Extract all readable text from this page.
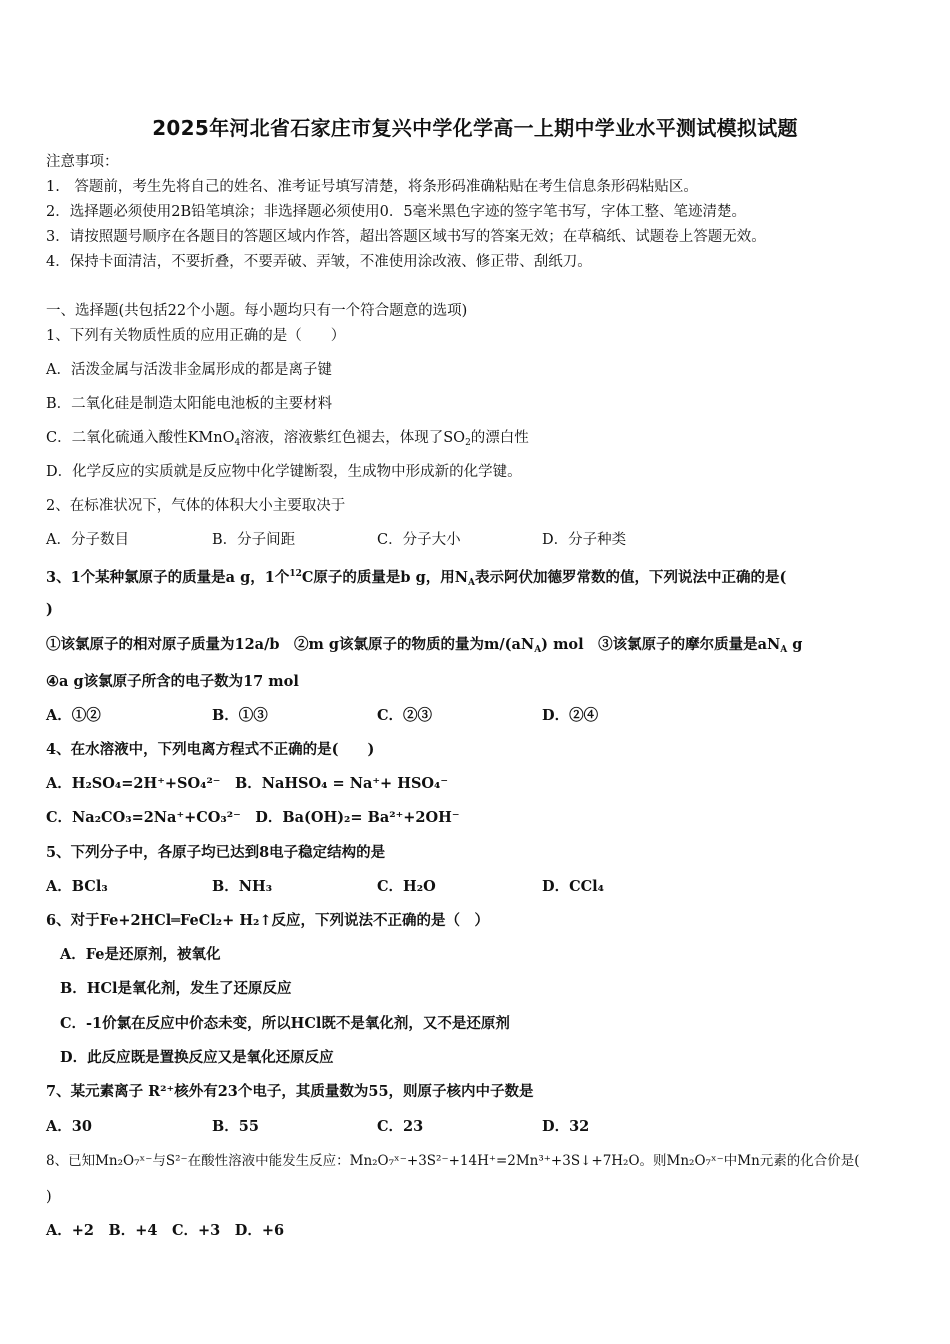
2025年河北省石家庄市复兴中学化学高一上期中学业水平测试模拟试题
注意事项：
1.　答题前，考生先将自己的姓名、准考证号填写清楚，将条形码准确粘贴在考生信息条形码粘贴区。
2．选择题必须使用2B铅笔填涂；非选择题必须使用0．5毫米黑色字迹的签字笔书写，字体工整、笔迹清楚。
3．请按照题号顺序在各题目的答题区域内作答，超出答题区域书写的答案无效；在草稿纸、试题卷上答题无效。
4．保持卡面清洁，不要折叠，不要弄破、弄皱，不准使用涂改液、修正带、刮纸刀。
一、选择题(共包括22个小题。每小题均只有一个符合题意的选项)
1、下列有关物质性质的应用正确的是（　　）
A．活泼金属与活泼非金属形成的都是离子键
B．二氧化硅是制造太阳能电池板的主要材料
C．二氧化硫通入酸性KMnO$_4$溶液，溶液紫红色褪去，体现了$SO_2$的漂白性
D．化学反应的实质就是反应物中化学键断裂，生成物中形成新的化学键。
2、在标准状况下，气体的体积大小主要取决于
A．分子数目	B．分子间距	C．分子大小	D．分子种类
3、1个某种氯原子的质量是a g，1个$^{12}$C原子的质量是b g，用$N_A$表示阿伏加德罗常数的值，下列说法中正确的是(
)
①该氯原子的相对原子质量为12a/b　②m g该氯原子的物质的量为$m/(aN_A)$ mol　③该氯原子的摩尔质量是$aN_A$ g
④a g该氯原子所含的电子数为17 mol
A．①②	B．①③	C．②③	D．②④
4、在水溶液中，下列电离方程式不正确的是(　　)
A．H₂SO₄=2H⁺+SO₄²⁻　B．NaHSO₄ = Na⁺+ HSO₄⁻
C．Na₂CO₃=2Na⁺+CO₃²⁻　D．Ba(OH)₂= Ba²⁺+2OH⁻
5、下列分子中，各原子均已达到8电子稳定结构的是
A．BCl₃	B．NH₃	C．H₂O	D．CCl₄
6、对于Fe+2HCl═FeCl₂+ H₂↑反应，下列说法不正确的是（　）
A．Fe是还原剂，被氧化
B．HCl是氧化剂，发生了还原反应
C．-1价氯在反应中价态未变，所以HCl既不是氧化剂，又不是还原剂
D．此反应既是置换反应又是氧化还原反应
7、某元素离子 R²⁺核外有23个电子，其质量数为55，则原子核内中子数是
A．30	B．55	C．23	D．32
8、已知Mn₂O₇ˣ⁻与S²⁻在酸性溶液中能发生反应：Mn₂O₇ˣ⁻+3S²⁻+14H⁺=2Mn³⁺+3S↓+7H₂O。则Mn₂O₇ˣ⁻中Mn元素的化合价是(
)
A．+2　B．+4　C．+3　D．+6
